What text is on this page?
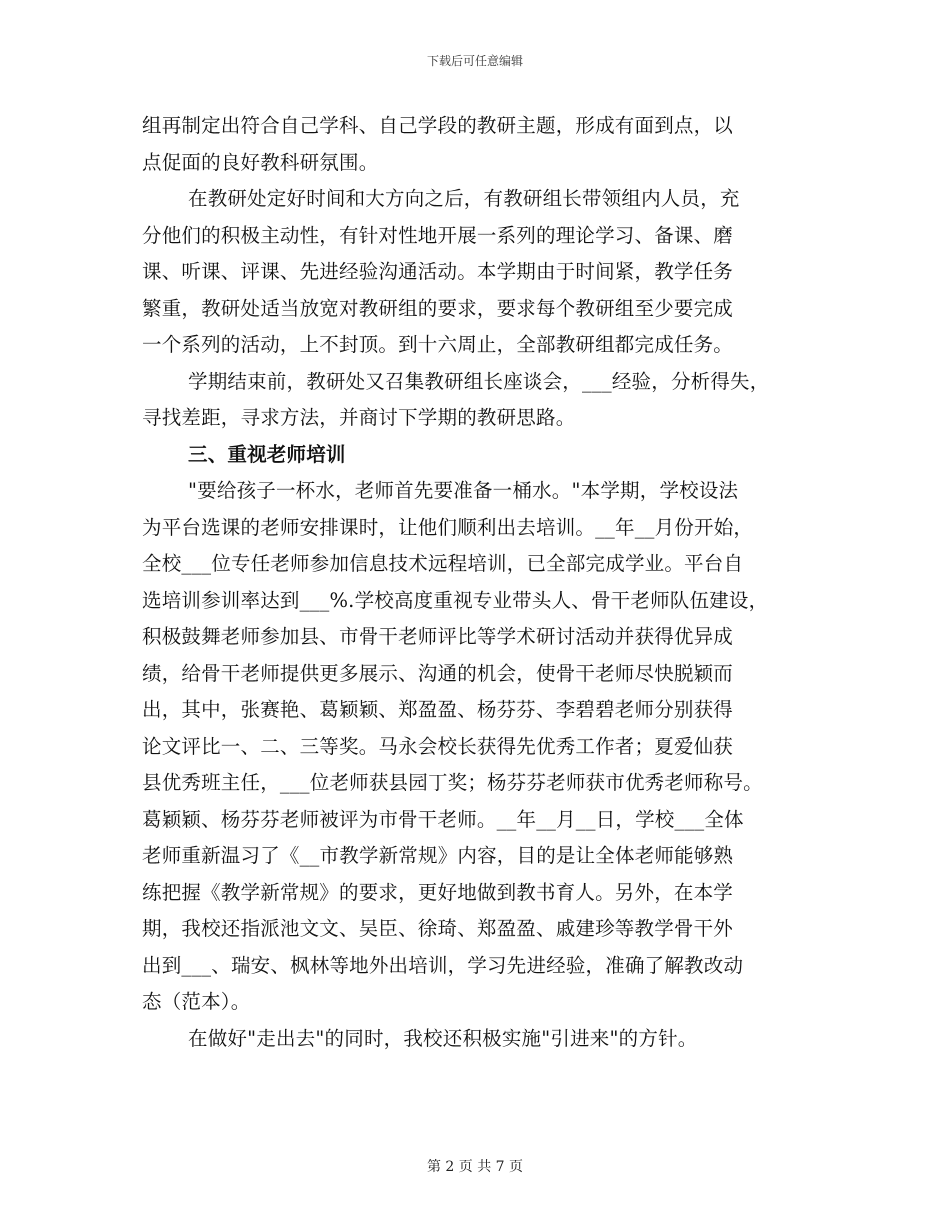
下载后可任意编辑
组再制定出符合自己学科、自己学段的教研主题，形成有面到点，以
点促面的良好教科研氛围。
在教研处定好时间和大方向之后，有教研组长带领组内人员，充
分他们的积极主动性，有针对性地开展一系列的理论学习、备课、磨
课、听课、评课、先进经验沟通活动。本学期由于时间紧，教学任务
繁重，教研处适当放宽对教研组的要求，要求每个教研组至少要完成
一个系列的活动，上不封顶。到十六周止，全部教研组都完成任务。
学期结束前，教研处又召集教研组长座谈会，___经验，分析得失，
寻找差距，寻求方法，并商讨下学期的教研思路。
三、重视老师培训
"要给孩子一杯水，老师首先要准备一桶水。"本学期，学校设法
为平台选课的老师安排课时，让他们顺利出去培训。__年__月份开始，
全校___位专任老师参加信息技术远程培训，已全部完成学业。平台自
选培训参训率达到___%.学校高度重视专业带头人、骨干老师队伍建设，
积极鼓舞老师参加县、市骨干老师评比等学术研讨活动并获得优异成
绩，给骨干老师提供更多展示、沟通的机会，使骨干老师尽快脱颖而
出，其中，张赛艳、葛颖颖、郑盈盈、杨芬芬、李碧碧老师分别获得
论文评比一、二、三等奖。马永会校长获得先优秀工作者；夏爱仙获
县优秀班主任，___位老师获县园丁奖；杨芬芬老师获市优秀老师称号。
葛颖颖、杨芬芬老师被评为市骨干老师。__年__月__日，学校___全体
老师重新温习了《__市教学新常规》内容，目的是让全体老师能够熟
练把握《教学新常规》的要求，更好地做到教书育人。另外，在本学
期，我校还指派池文文、吴臣、徐琦、郑盈盈、戚建珍等教学骨干外
出到___、瑞安、枫林等地外出培训，学习先进经验，准确了解教改动
态（范本）。
在做好"走出去"的同时，我校还积极实施"引进来"的方针。
第 2 页 共 7 页
